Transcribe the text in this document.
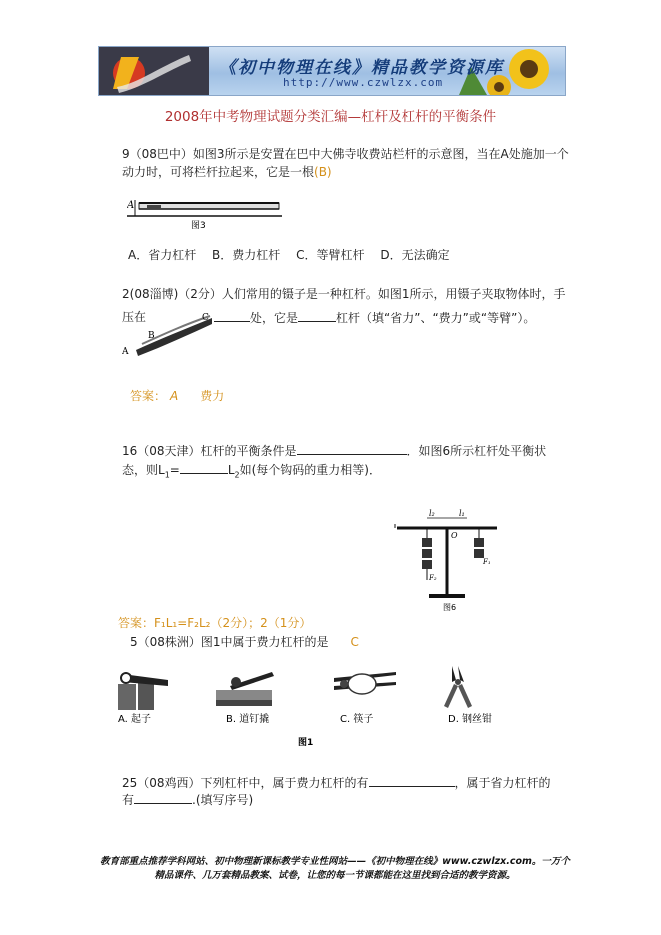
《初中物理在线》精品教学资源库
http://www.czwlzx.com
2008年中考物理试题分类汇编—杠杆及杠杆的平衡条件
9（08巴中）如图3所示是安置在巴中大佛寺收费站栏杆的示意图，当在A处施加一个
动力时，可将栏杆拉起来，它是一根(B)
A
图3
A．省力杠杆 B．费力杠杆 C．等臂杠杆 D．无法确定
2(08淄博)（2分）人们常用的镊子是一种杠杆。如图1所示，用镊子夹取物体时，手
压在	处，它是	杠杆（填“省力”、“费力”或“等臂”）。
A
B
C
答案： A 费力
16（08天津）杠杆的平衡条件是	．如图6所示杠杆处平衡状
态，则$L_1=$	$L_2$如(每个钩码的重力相等)．
l₂	l₁
O
F₂
F₁
图6
答案：F₁L₁=F₂L₂（2分）；2（1分）
5（08株洲）图1中属于费力杠杆的是 C
A. 起子	B. 道钉撬	C. 筷子	D. 钢丝钳
图1
25（08鸡西）下列杠杆中，属于费力杠杆的有	，属于省力杠杆的
有	.(填写序号)
教育部重点推荐学科网站、初中物理新课标教学专业性网站——《初中物理在线》www.czwlzx.com。一万个
精品课件、几万套精品教案、试卷，让您的每一节课都能在这里找到合适的教学资源。
